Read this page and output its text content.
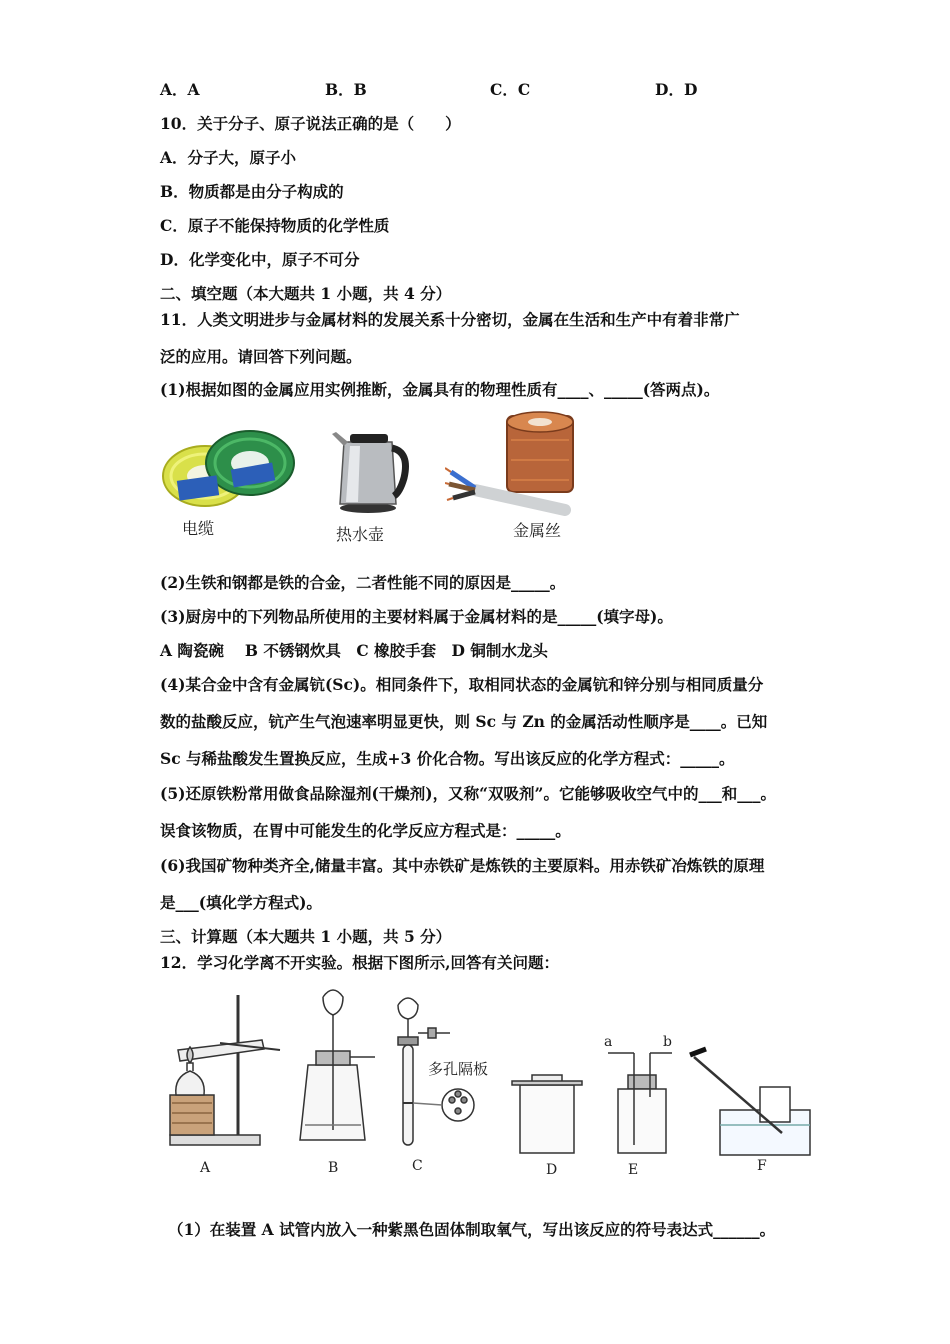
A．A	B．B	C．C	D．D
10．关于分子、原子说法正确的是（　　）
A．分子大，原子小
B．物质都是由分子构成的
C．原子不能保持物质的化学性质
D．化学变化中，原子不可分
二、填空题（本大题共 1 小题，共 4 分）
11．人类文明进步与金属材料的发展关系十分密切，金属在生活和生产中有着非常广
泛的应用。请回答下列问题。
(1)根据如图的金属应用实例推断，金属具有的物理性质有____、_____(答两点)。
电缆	热水壶	金属丝
(2)生铁和钢都是铁的合金，二者性能不同的原因是_____。
(3)厨房中的下列物品所使用的主要材料属于金属材料的是_____(填字母)。
A 陶瓷碗　 B 不锈钢炊具　C 橡胶手套　D 铜制水龙头
(4)某合金中含有金属钪(Sc)。相同条件下，取相同状态的金属钪和锌分别与相同质量分
数的盐酸反应，钪产生气泡速率明显更快，则 Sc 与 Zn 的金属活动性顺序是____。已知
Sc 与稀盐酸发生置换反应，生成+3 价化合物。写出该反应的化学方程式：_____。
(5)还原铁粉常用做食品除湿剂(干燥剂)，又称“双吸剂”。它能够吸收空气中的___和___。
误食该物质，在胃中可能发生的化学反应方程式是：_____。
(6)我国矿物种类齐全,储量丰富。其中赤铁矿是炼铁的主要原料。用赤铁矿冶炼铁的原理
是___(填化学方程式)。
三、计算题（本大题共 1 小题，共 5 分）
12．学习化学离不开实验。根据下图所示,回答有关问题：
多孔隔板
a	b
A	B	C	D	E	F
（1）在装置 A 试管内放入一种紫黑色固体制取氧气，写出该反应的符号表达式______。
